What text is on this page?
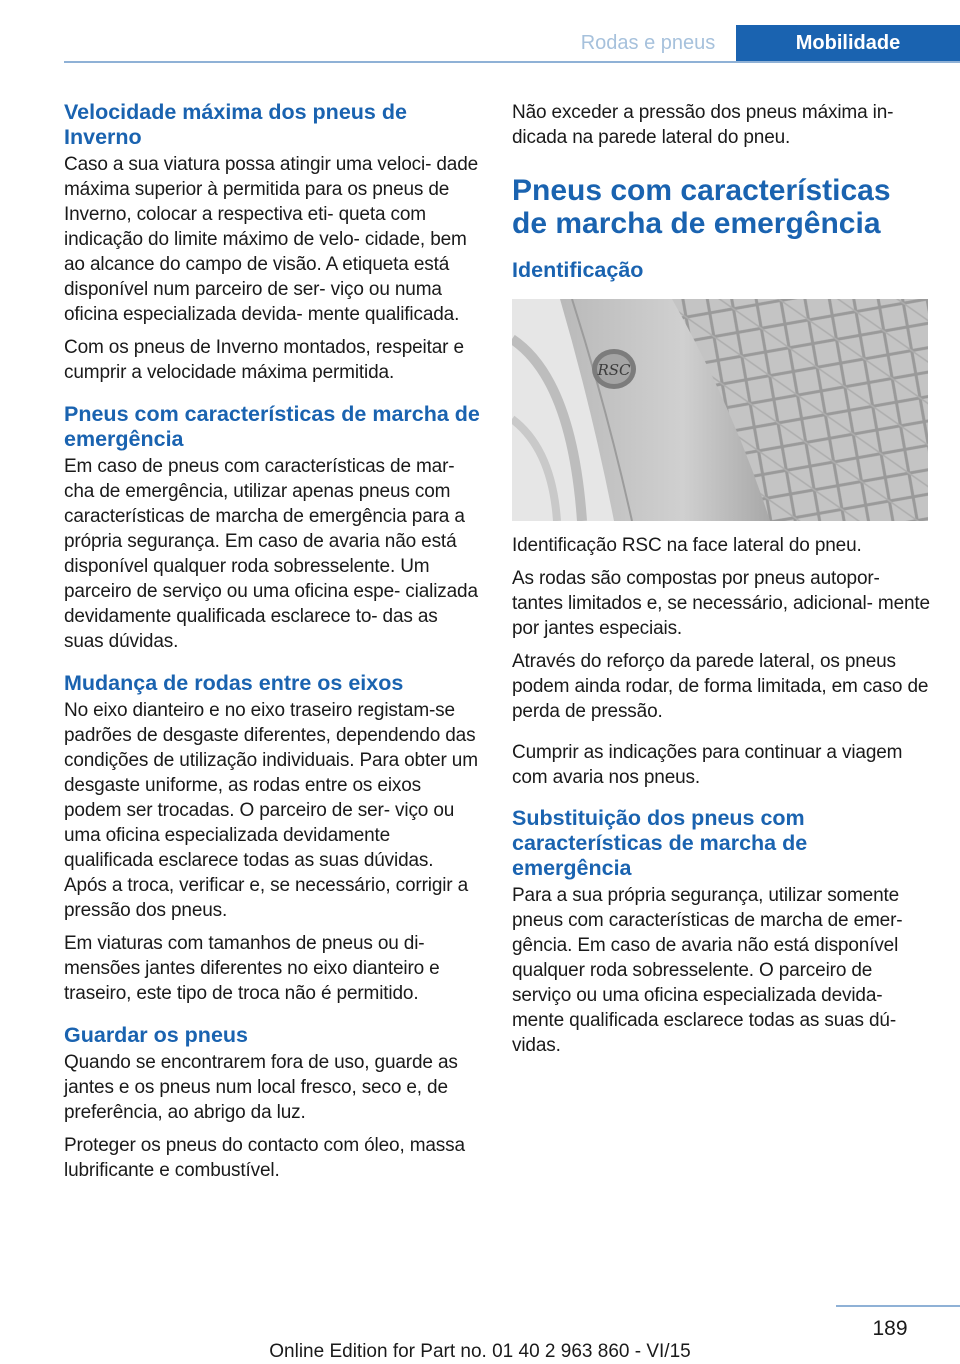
Rodas e pneus	Mobilidade
Velocidade máxima dos pneus de Inverno

Caso a sua viatura possa atingir uma veloci‐ dade máxima superior à permitida para os pneus de Inverno, colocar a respectiva eti‐ queta com indicação do limite máximo de velo‐ cidade, bem ao alcance do campo de visão. A etiqueta está disponível num parceiro de ser‐ viço ou numa oficina especializada devida‐ mente qualificada.

Com os pneus de Inverno montados, respeitar e cumprir a velocidade máxima permitida.

Pneus com características de marcha de emergência

Em caso de pneus com características de mar‐ cha de emergência, utilizar apenas pneus com características de marcha de emergência para a própria segurança. Em caso de avaria não está disponível qualquer roda sobresselente. Um parceiro de serviço ou uma oficina espe‐ cializada devidamente qualificada esclarece to‐ das as suas dúvidas.

Mudança de rodas entre os eixos

No eixo dianteiro e no eixo traseiro registam-se padrões de desgaste diferentes, dependendo das condições de utilização individuais. Para obter um desgaste uniforme, as rodas entre os eixos podem ser trocadas. O parceiro de ser‐ viço ou uma oficina especializada devidamente qualificada esclarece todas as suas dúvidas. Após a troca, verificar e, se necessário, corrigir a pressão dos pneus.

Em viaturas com tamanhos de pneus ou di‐ mensões jantes diferentes no eixo dianteiro e traseiro, este tipo de troca não é permitido.

Guardar os pneus

Quando se encontrarem fora de uso, guarde as jantes e os pneus num local fresco, seco e, de preferência, ao abrigo da luz.

Proteger os pneus do contacto com óleo, massa lubrificante e combustível.

Não exceder a pressão dos pneus máxima in‐ dicada na parede lateral do pneu.

Pneus com características de marcha de emergência
Identificação
RSC

Identificação RSC na face lateral do pneu.

As rodas são compostas por pneus autopor‐ tantes limitados e, se necessário, adicional‐ mente por jantes especiais.

Através do reforço da parede lateral, os pneus podem ainda rodar, de forma limitada, em caso de perda de pressão.

Cumprir as indicações para continuar a viagem com avaria nos pneus.

Substituição dos pneus com características de marcha de emergência

Para a sua própria segurança, utilizar somente pneus com características de marcha de emer‐ gência. Em caso de avaria não está disponível qualquer roda sobresselente. O parceiro de serviço ou uma oficina especializada devida‐ mente qualificada esclarece todas as suas dú‐ vidas.

189
Online Edition for Part no. 01 40 2 963 860 - VI/15
